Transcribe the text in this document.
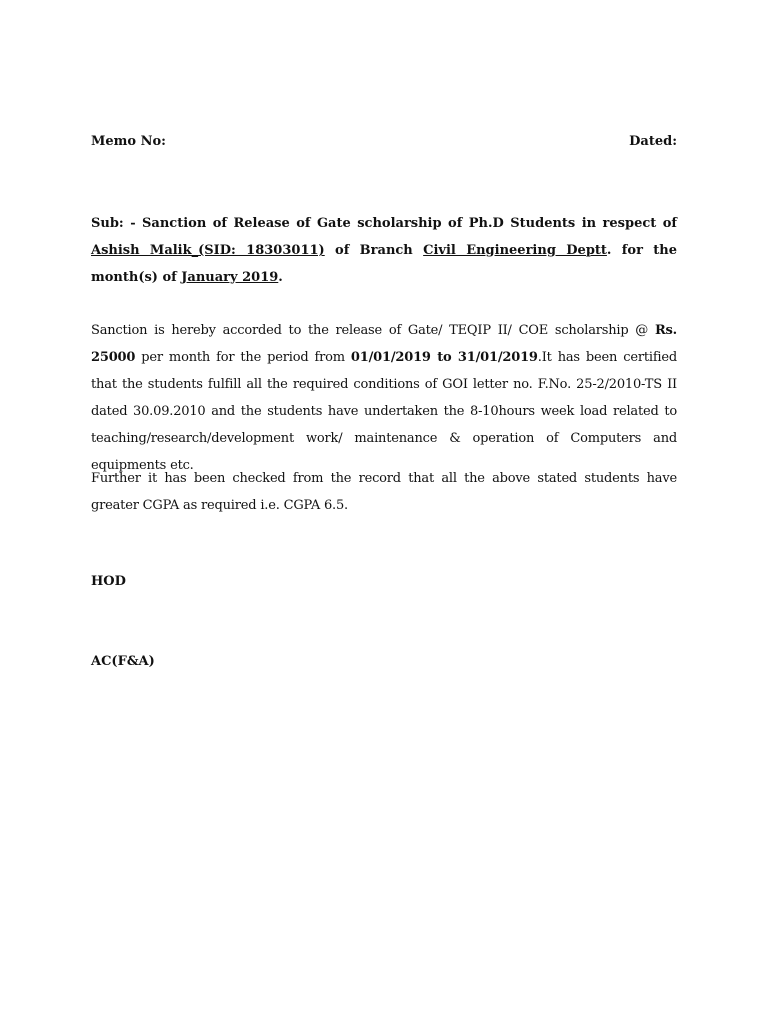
Memo No:	Dated:
Sub: - Sanction of Release of Gate scholarship of Ph.D Students in respect of Ashish Malik_(SID: 18303011) of Branch Civil Engineering Deptt. for the month(s) of January 2019.
Sanction is hereby accorded to the release of Gate/ TEQIP II/ COE scholarship @ Rs. 25000 per month for the period from 01/01/2019 to 31/01/2019.It has been certified that the students fulfill all the required conditions of GOI letter no. F.No. 25-2/2010-TS II dated 30.09.2010 and the students have undertaken the 8-10hours week load related to teaching/research/development work/ maintenance & operation of Computers and equipments etc.
Further it has been checked from the record that all the above stated students have greater CGPA as required i.e. CGPA 6.5.
HOD
AC(F&A)
